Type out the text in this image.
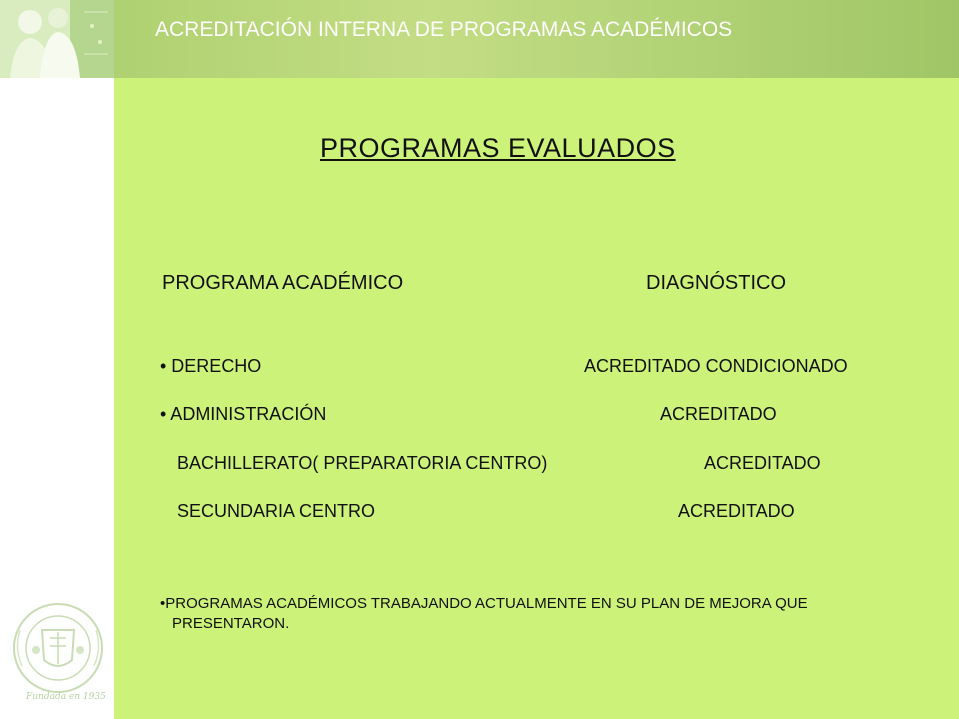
ACREDITACIÓN INTERNA DE PROGRAMAS ACADÉMICOS
PROGRAMAS EVALUADOS
PROGRAMA ACADÉMICO	DIAGNÓSTICO
• DERECHO	ACREDITADO CONDICIONADO
• ADMINISTRACIÓN	ACREDITADO
BACHILLERATO( PREPARATORIA CENTRO)	ACREDITADO
SECUNDARIA CENTRO	ACREDITADO
•PROGRAMAS ACADÉMICOS TRABAJANDO ACTUALMENTE EN SU PLAN DE MEJORA QUE
PRESENTARON.
Fundada en 1935
